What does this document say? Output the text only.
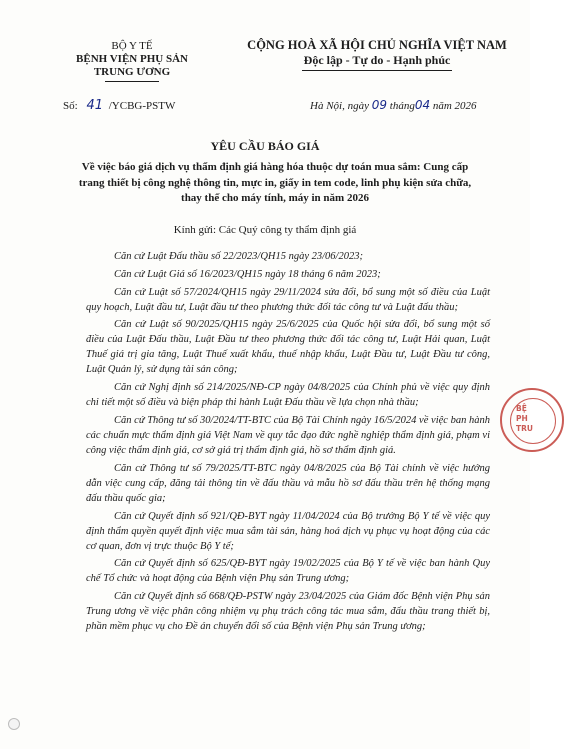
BỘ Y TẾ
BỆNH VIỆN PHỤ SẢN
TRUNG ƯƠNG
CỘNG HOÀ XÃ HỘI CHỦ NGHĨA VIỆT NAM
Độc lập - Tự do - Hạnh phúc
Số: 41 /YCBG-PSTW	Hà Nội, ngày 09 tháng04 năm 2026
YÊU CẦU BÁO GIÁ
Về việc báo giá dịch vụ thẩm định giá hàng hóa thuộc dự toán mua sắm: Cung cấp trang thiết bị công nghệ thông tin, mực in, giấy in tem code, linh phụ kiện sửa chữa, thay thế cho máy tính, máy in năm 2026
Kính gửi: Các Quý công ty thẩm định giá

Căn cứ Luật Đấu thầu số 22/2023/QH15 ngày 23/06/2023;

Căn cứ Luật Giá số 16/2023/QH15 ngày 18 tháng 6 năm 2023;

Căn cứ Luật số 57/2024/QH15 ngày 29/11/2024 sửa đổi, bổ sung một số điều của Luật quy hoạch, Luật đầu tư, Luật đầu tư theo phương thức đối tác công tư và Luật đấu thầu;

Căn cứ Luật số 90/2025/QH15 ngày 25/6/2025 của Quốc hội sửa đổi, bổ sung một số điều của Luật Đấu thầu, Luật Đầu tư theo phương thức đối tác công tư, Luật Hải quan, Luật Thuế giá trị gia tăng, Luật Thuế xuất khẩu, thuế nhập khẩu, Luật Đầu tư, Luật Đầu tư công, Luật Quản lý, sử dụng tài sản công;

Căn cứ Nghị định số 214/2025/NĐ-CP ngày 04/8/2025 của Chính phủ về việc quy định chi tiết một số điều và biện pháp thi hành Luật Đấu thầu về lựa chọn nhà thầu;

Căn cứ Thông tư số 30/2024/TT-BTC của Bộ Tài Chính ngày 16/5/2024 về việc ban hành các chuẩn mực thẩm định giá Việt Nam về quy tắc đạo đức nghề nghiệp thẩm định giá, phạm vi công việc thẩm định giá, cơ sở giá trị thẩm định giá, hồ sơ thẩm định giá.

Căn cứ Thông tư số 79/2025/TT-BTC ngày 04/8/2025 của Bộ Tài chính về việc hướng dẫn việc cung cấp, đăng tải thông tin về đấu thầu và mẫu hồ sơ đấu thầu trên hệ thống mạng đấu thầu quốc gia;

Căn cứ Quyết định số 921/QĐ-BYT ngày 11/04/2024 của Bộ trưởng Bộ Y tế về việc quy định thẩm quyền quyết định việc mua sắm tài sản, hàng hoá dịch vụ phục vụ hoạt động của các cơ quan, đơn vị trực thuộc Bộ Y tế;

Căn cứ Quyết định số 625/QĐ-BYT ngày 19/02/2025 của Bộ Y tế về việc ban hành Quy chế Tổ chức và hoạt động của Bệnh viện Phụ sản Trung ương;

Căn cứ Quyết định số 668/QĐ-PSTW ngày 23/04/2025 của Giám đốc Bệnh viện Phụ sản Trung ương về việc phân công nhiệm vụ phụ trách công tác mua sắm, đấu thầu trang thiết bị, phần mềm phục vụ cho Đề án chuyển đổi số của Bệnh viện Phụ sản Trung ương;

BỆ
PH
TRU
